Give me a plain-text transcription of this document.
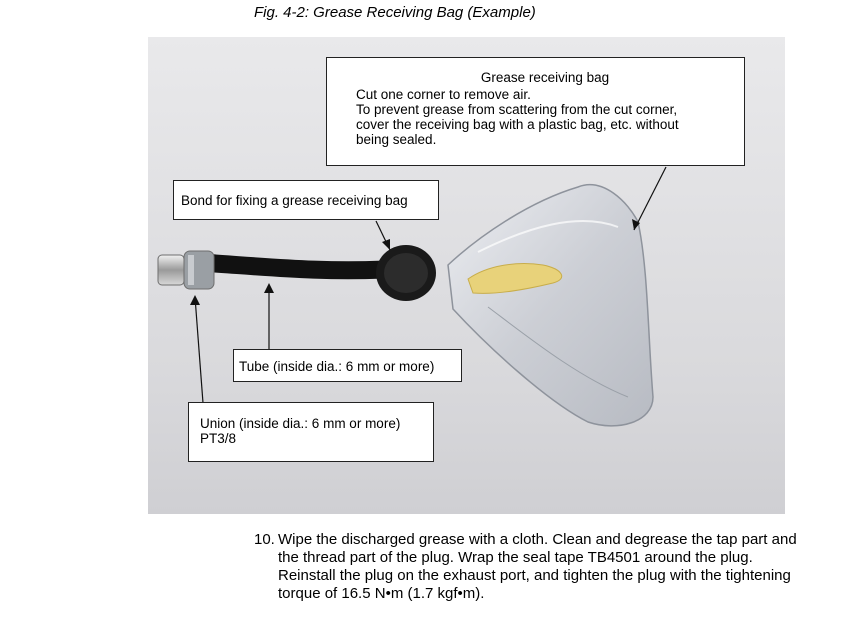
Fig. 4-2: Grease Receiving Bag (Example)
Grease receiving bag
Cut one corner to remove air.
To prevent grease from scattering from the cut corner,
cover the receiving bag with a plastic bag, etc. without
being sealed.
Bond for fixing a grease receiving bag
Tube (inside dia.: 6 mm or more)
Union (inside dia.: 6 mm or more)
PT3/8
10. Wipe the discharged grease with a cloth. Clean and degrease the tap part and the thread part of the plug. Wrap the seal tape TB4501 around the plug. Reinstall the plug on the exhaust port, and tighten the plug with the tightening torque of 16.5 N•m (1.7 kgf•m).
